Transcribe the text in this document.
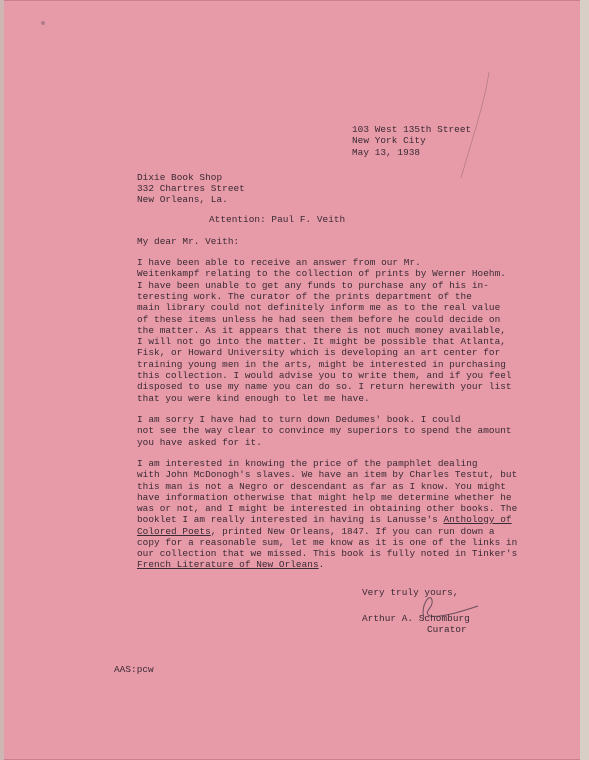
103 West 135th Street
New York City
May 13, 1938
Dixie Book Shop
332 Chartres Street
New Orleans, La.
Attention: Paul F. Veith
My dear Mr. Veith:
I have been able to receive an answer from our Mr.
Weitenkampf relating to the collection of prints by Werner Hoehm.
I have been unable to get any funds to purchase any of his in-
teresting work. The curator of the prints department of the
main library could not definitely inform me as to the real value
of these items unless he had seen them before he could decide on
the matter. As it appears that there is not much money available,
I will not go into the matter. It might be possible that Atlanta,
Fisk, or Howard University which is developing an art center for
training young men in the arts, might be interested in purchasing
this collection. I would advise you to write them, and if you feel
disposed to use my name you can do so. I return herewith your list
that you were kind enough to let me have.
I am sorry I have had to turn down Dedumes' book. I could
not see the way clear to convince my superiors to spend the amount
you have asked for it.
I am interested in knowing the price of the pamphlet dealing
with John McDonogh's slaves. We have an item by Charles Testut, but
this man is not a Negro or descendant as far as I know. You might
have information otherwise that might help me determine whether he
was or not, and I might be interested in obtaining other books. The
booklet I am really interested in having is Lanusse's Anthology of
Colored Poets, printed New Orleans, 1847. If you can run down a
copy for a reasonable sum, let me know as it is one of the links in
our collection that we missed. This book is fully noted in Tinker's
French Literature of New Orleans.
Very truly yours,
Arthur A. Schomburg
Curator
AAS:pcw
